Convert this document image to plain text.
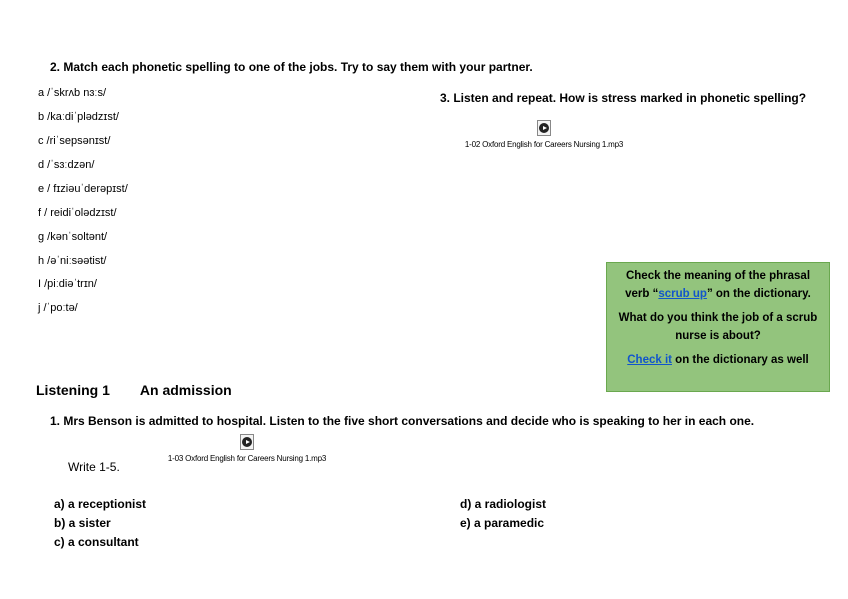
2. Match each phonetic spelling to one of the jobs. Try to say them with your partner.
a /ˈskrʌb nɜːs/
b /kaːdiˈplədzɪst/
c /riˈsepsənɪst/
d /ˈsɜːdzən/
e / fɪziəuˈderəpɪst/
f / reidiˈolədzɪst/
g /kənˈsoltənt/
h /əˈniːsəətist/
I /piːdiəˈtrɪn/
j /ˈpoːtə/
3. Listen and repeat. How is stress marked in phonetic spelling?
1-02 Oxford English for Careers Nursing 1.mp3

Check the meaning of the phrasal verb “scrub up” on the dictionary.

What do you think the job of a scrub nurse is about?

Check it on the dictionary as well

Listening 1 An admission
1. Mrs Benson is admitted to hospital. Listen to the five short conversations and decide who is speaking to her in each one.
1-03 Oxford English for Careers Nursing 1.mp3
Write 1-5.
a) a receptionist
b) a sister
c) a consultant
d) a radiologist
e) a paramedic
